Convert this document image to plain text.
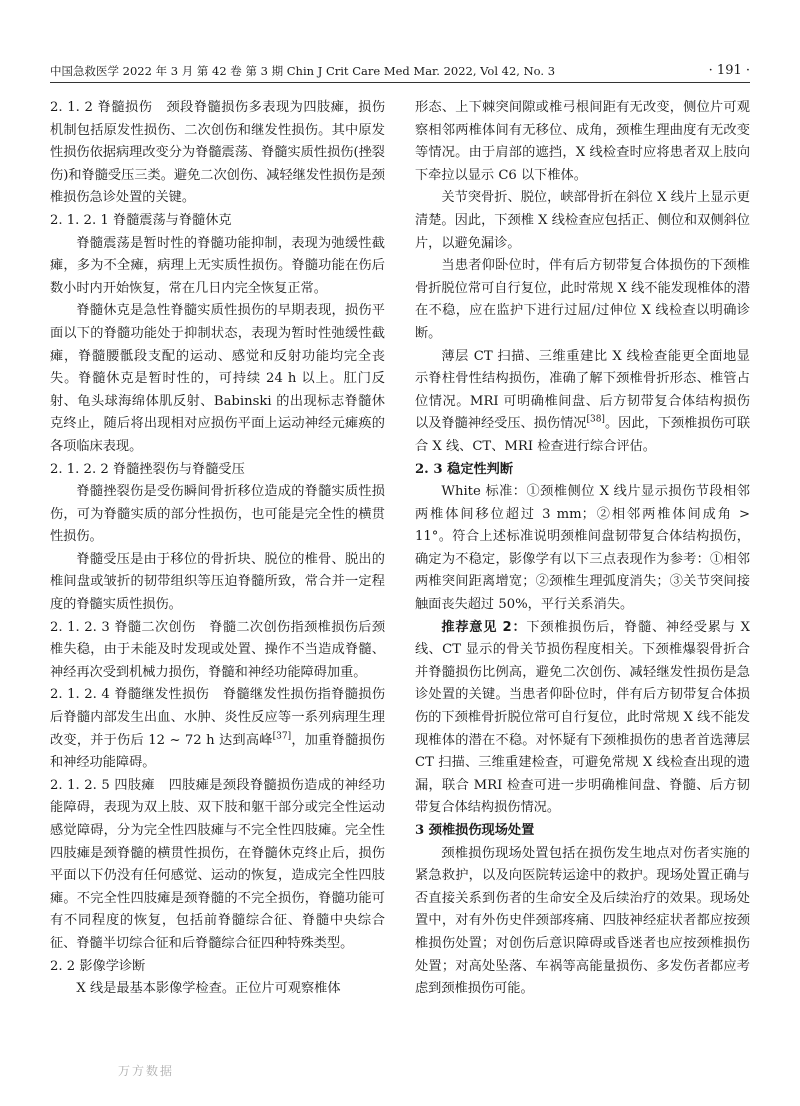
中国急救医学 2022 年 3 月 第 42 卷 第 3 期 Chin J Crit Care Med Mar. 2022, Vol 42, No. 3	· 191 ·

2. 1. 2 脊髓损伤 颈段脊髓损伤多表现为四肢瘫，损伤机制包括原发性损伤、二次创伤和继发性损伤。其中原发性损伤依据病理改变分为脊髓震荡、脊髓实质性损伤(挫裂伤)和脊髓受压三类。避免二次创伤、减轻继发性损伤是颈椎损伤急诊处置的关键。

2. 1. 2. 1 脊髓震荡与脊髓休克

脊髓震荡是暂时性的脊髓功能抑制，表现为弛缓性截瘫，多为不全瘫，病理上无实质性损伤。脊髓功能在伤后数小时内开始恢复，常在几日内完全恢复正常。

脊髓休克是急性脊髓实质性损伤的早期表现，损伤平面以下的脊髓功能处于抑制状态，表现为暂时性弛缓性截瘫，脊髓腰骶段支配的运动、感觉和反射功能均完全丧失。脊髓休克是暂时性的，可持续 24 h 以上。肛门反射、龟头球海绵体肌反射、Babinski 的出现标志脊髓休克终止，随后将出现相对应损伤平面上运动神经元瘫痪的各项临床表现。

2. 1. 2. 2 脊髓挫裂伤与脊髓受压

脊髓挫裂伤是受伤瞬间骨折移位造成的脊髓实质性损伤，可为脊髓实质的部分性损伤，也可能是完全性的横贯性损伤。

脊髓受压是由于移位的骨折块、脱位的椎骨、脱出的椎间盘或皱折的韧带组织等压迫脊髓所致，常合并一定程度的脊髓实质性损伤。

2. 1. 2. 3 脊髓二次创伤 脊髓二次创伤指颈椎损伤后颈椎失稳，由于未能及时发现或处置、操作不当造成脊髓、神经再次受到机械力损伤，脊髓和神经功能障碍加重。

2. 1. 2. 4 脊髓继发性损伤 脊髓继发性损伤指脊髓损伤后脊髓内部发生出血、水肿、炎性反应等一系列病理生理改变，并于伤后 12 ~ 72 h 达到高峰[37]，加重脊髓损伤和神经功能障碍。

2. 1. 2. 5 四肢瘫 四肢瘫是颈段脊髓损伤造成的神经功能障碍，表现为双上肢、双下肢和躯干部分或完全性运动感觉障碍，分为完全性四肢瘫与不完全性四肢瘫。完全性四肢瘫是颈脊髓的横贯性损伤，在脊髓休克终止后，损伤平面以下仍没有任何感觉、运动的恢复，造成完全性四肢瘫。不完全性四肢瘫是颈脊髓的不完全损伤，脊髓功能可有不同程度的恢复，包括前脊髓综合征、脊髓中央综合征、脊髓半切综合征和后脊髓综合征四种特殊类型。

2. 2 影像学诊断

X 线是最基本影像学检查。正位片可观察椎体

万方数据

形态、上下棘突间隙或椎弓根间距有无改变，侧位片可观察相邻两椎体间有无移位、成角，颈椎生理曲度有无改变等情况。由于肩部的遮挡，X 线检查时应将患者双上肢向下牵拉以显示 C6 以下椎体。

关节突骨折、脱位，峡部骨折在斜位 X 线片上显示更清楚。因此，下颈椎 X 线检查应包括正、侧位和双侧斜位片，以避免漏诊。

当患者仰卧位时，伴有后方韧带复合体损伤的下颈椎骨折脱位常可自行复位，此时常规 X 线不能发现椎体的潜在不稳，应在监护下进行过屈/过伸位 X 线检查以明确诊断。

薄层 CT 扫描、三维重建比 X 线检查能更全面地显示脊柱骨性结构损伤，准确了解下颈椎骨折形态、椎管占位情况。MRI 可明确椎间盘、后方韧带复合体结构损伤以及脊髓神经受压、损伤情况[38]。因此，下颈椎损伤可联合 X 线、CT、MRI 检查进行综合评估。

2. 3 稳定性判断

White 标准：①颈椎侧位 X 线片显示损伤节段相邻两椎体间移位超过 3 mm；②相邻两椎体间成角 > 11°。符合上述标准说明颈椎间盘韧带复合体结构损伤，确定为不稳定，影像学有以下三点表现作为参考：①相邻两椎突间距离增宽；②颈椎生理弧度消失；③关节突间接触面丧失超过 50%，平行关系消失。

推荐意见 2：下颈椎损伤后，脊髓、神经受累与 X 线、CT 显示的骨关节损伤程度相关。下颈椎爆裂骨折合并脊髓损伤比例高，避免二次创伤、减轻继发性损伤是急诊处置的关键。当患者仰卧位时，伴有后方韧带复合体损伤的下颈椎骨折脱位常可自行复位，此时常规 X 线不能发现椎体的潜在不稳。对怀疑有下颈椎损伤的患者首选薄层 CT 扫描、三维重建检查，可避免常规 X 线检查出现的遗漏，联合 MRI 检查可进一步明确椎间盘、脊髓、后方韧带复合体结构损伤情况。

3 颈椎损伤现场处置

颈椎损伤现场处置包括在损伤发生地点对伤者实施的紧急救护，以及向医院转运途中的救护。现场处置正确与否直接关系到伤者的生命安全及后续治疗的效果。现场处置中，对有外伤史伴颈部疼痛、四肢神经症状者都应按颈椎损伤处置；对创伤后意识障碍或昏迷者也应按颈椎损伤处置；对高处坠落、车祸等高能量损伤、多发伤者都应考虑到颈椎损伤可能。
